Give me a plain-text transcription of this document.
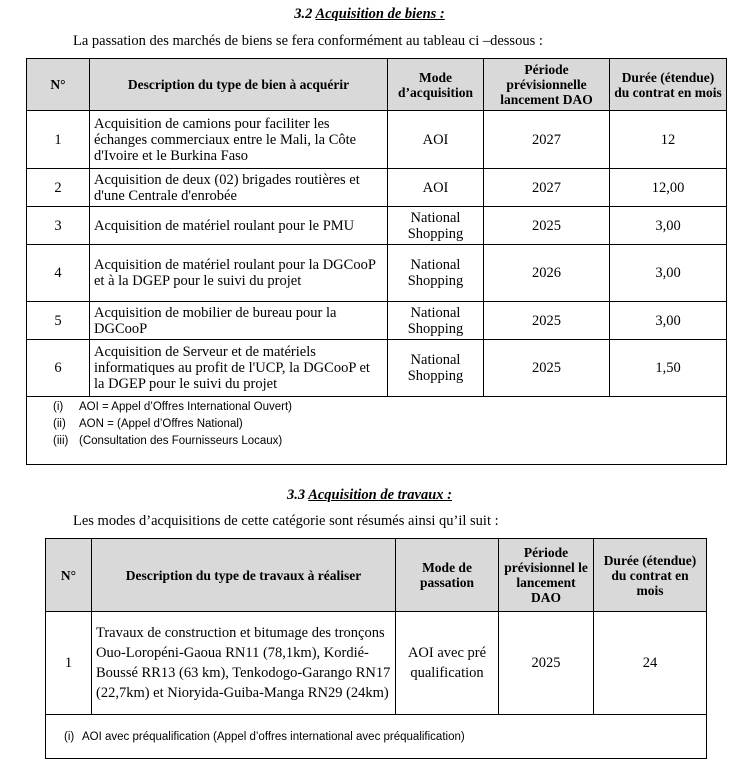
3.2 Acquisition de biens :
La passation des marchés de biens se fera conformément au tableau ci –dessous :
N°	Description du type de bien à acquérir	Mode d’acquisition	Période prévisionnelle lancement DAO	Durée (étendue) du contrat en mois
1	Acquisition de camions pour faciliter les échanges commerciaux entre le Mali, la Côte d'Ivoire et le Burkina Faso	AOI	2027	12
2	Acquisition de deux (02) brigades routières et d'une Centrale d'enrobée	AOI	2027	12,00
3	Acquisition de matériel roulant pour le PMU	National Shopping	2025	3,00
4	Acquisition de matériel roulant pour la DGCooP et à la DGEP pour le suivi du projet	National Shopping	2026	3,00
5	Acquisition de mobilier de bureau pour la DGCooP	National Shopping	2025	3,00
6	Acquisition de Serveur et de matériels informatiques au profit de l'UCP, la DGCooP et la DGEP pour le suivi du projet	National Shopping	2025	1,50

(i) AOI = Appel d’Offres International Ouvert)
(ii) AON = (Appel d’Offres National)
(iii) (Consultation des Fournisseurs Locaux)				
3.3 Acquisition de travaux :
Les modes d’acquisitions de cette catégorie sont résumés ainsi qu’il suit :
N°	Description du type de travaux à réaliser	Mode de passation	Période prévisionnel le lancement DAO	Durée (étendue) du contrat en mois
1	Travaux de construction et bitumage des tronçons Ouo-Loropéni-Gaoua RN11 (78,1km), Kordié-Boussé RR13 (63 km), Tenkodogo-Garango RN17 (22,7km) et Nioryida-Guiba-Manga RN29 (24km)	AOI avec pré qualification	2025	24

(i) AOI avec préqualification (Appel d’offres international avec préqualification)				
